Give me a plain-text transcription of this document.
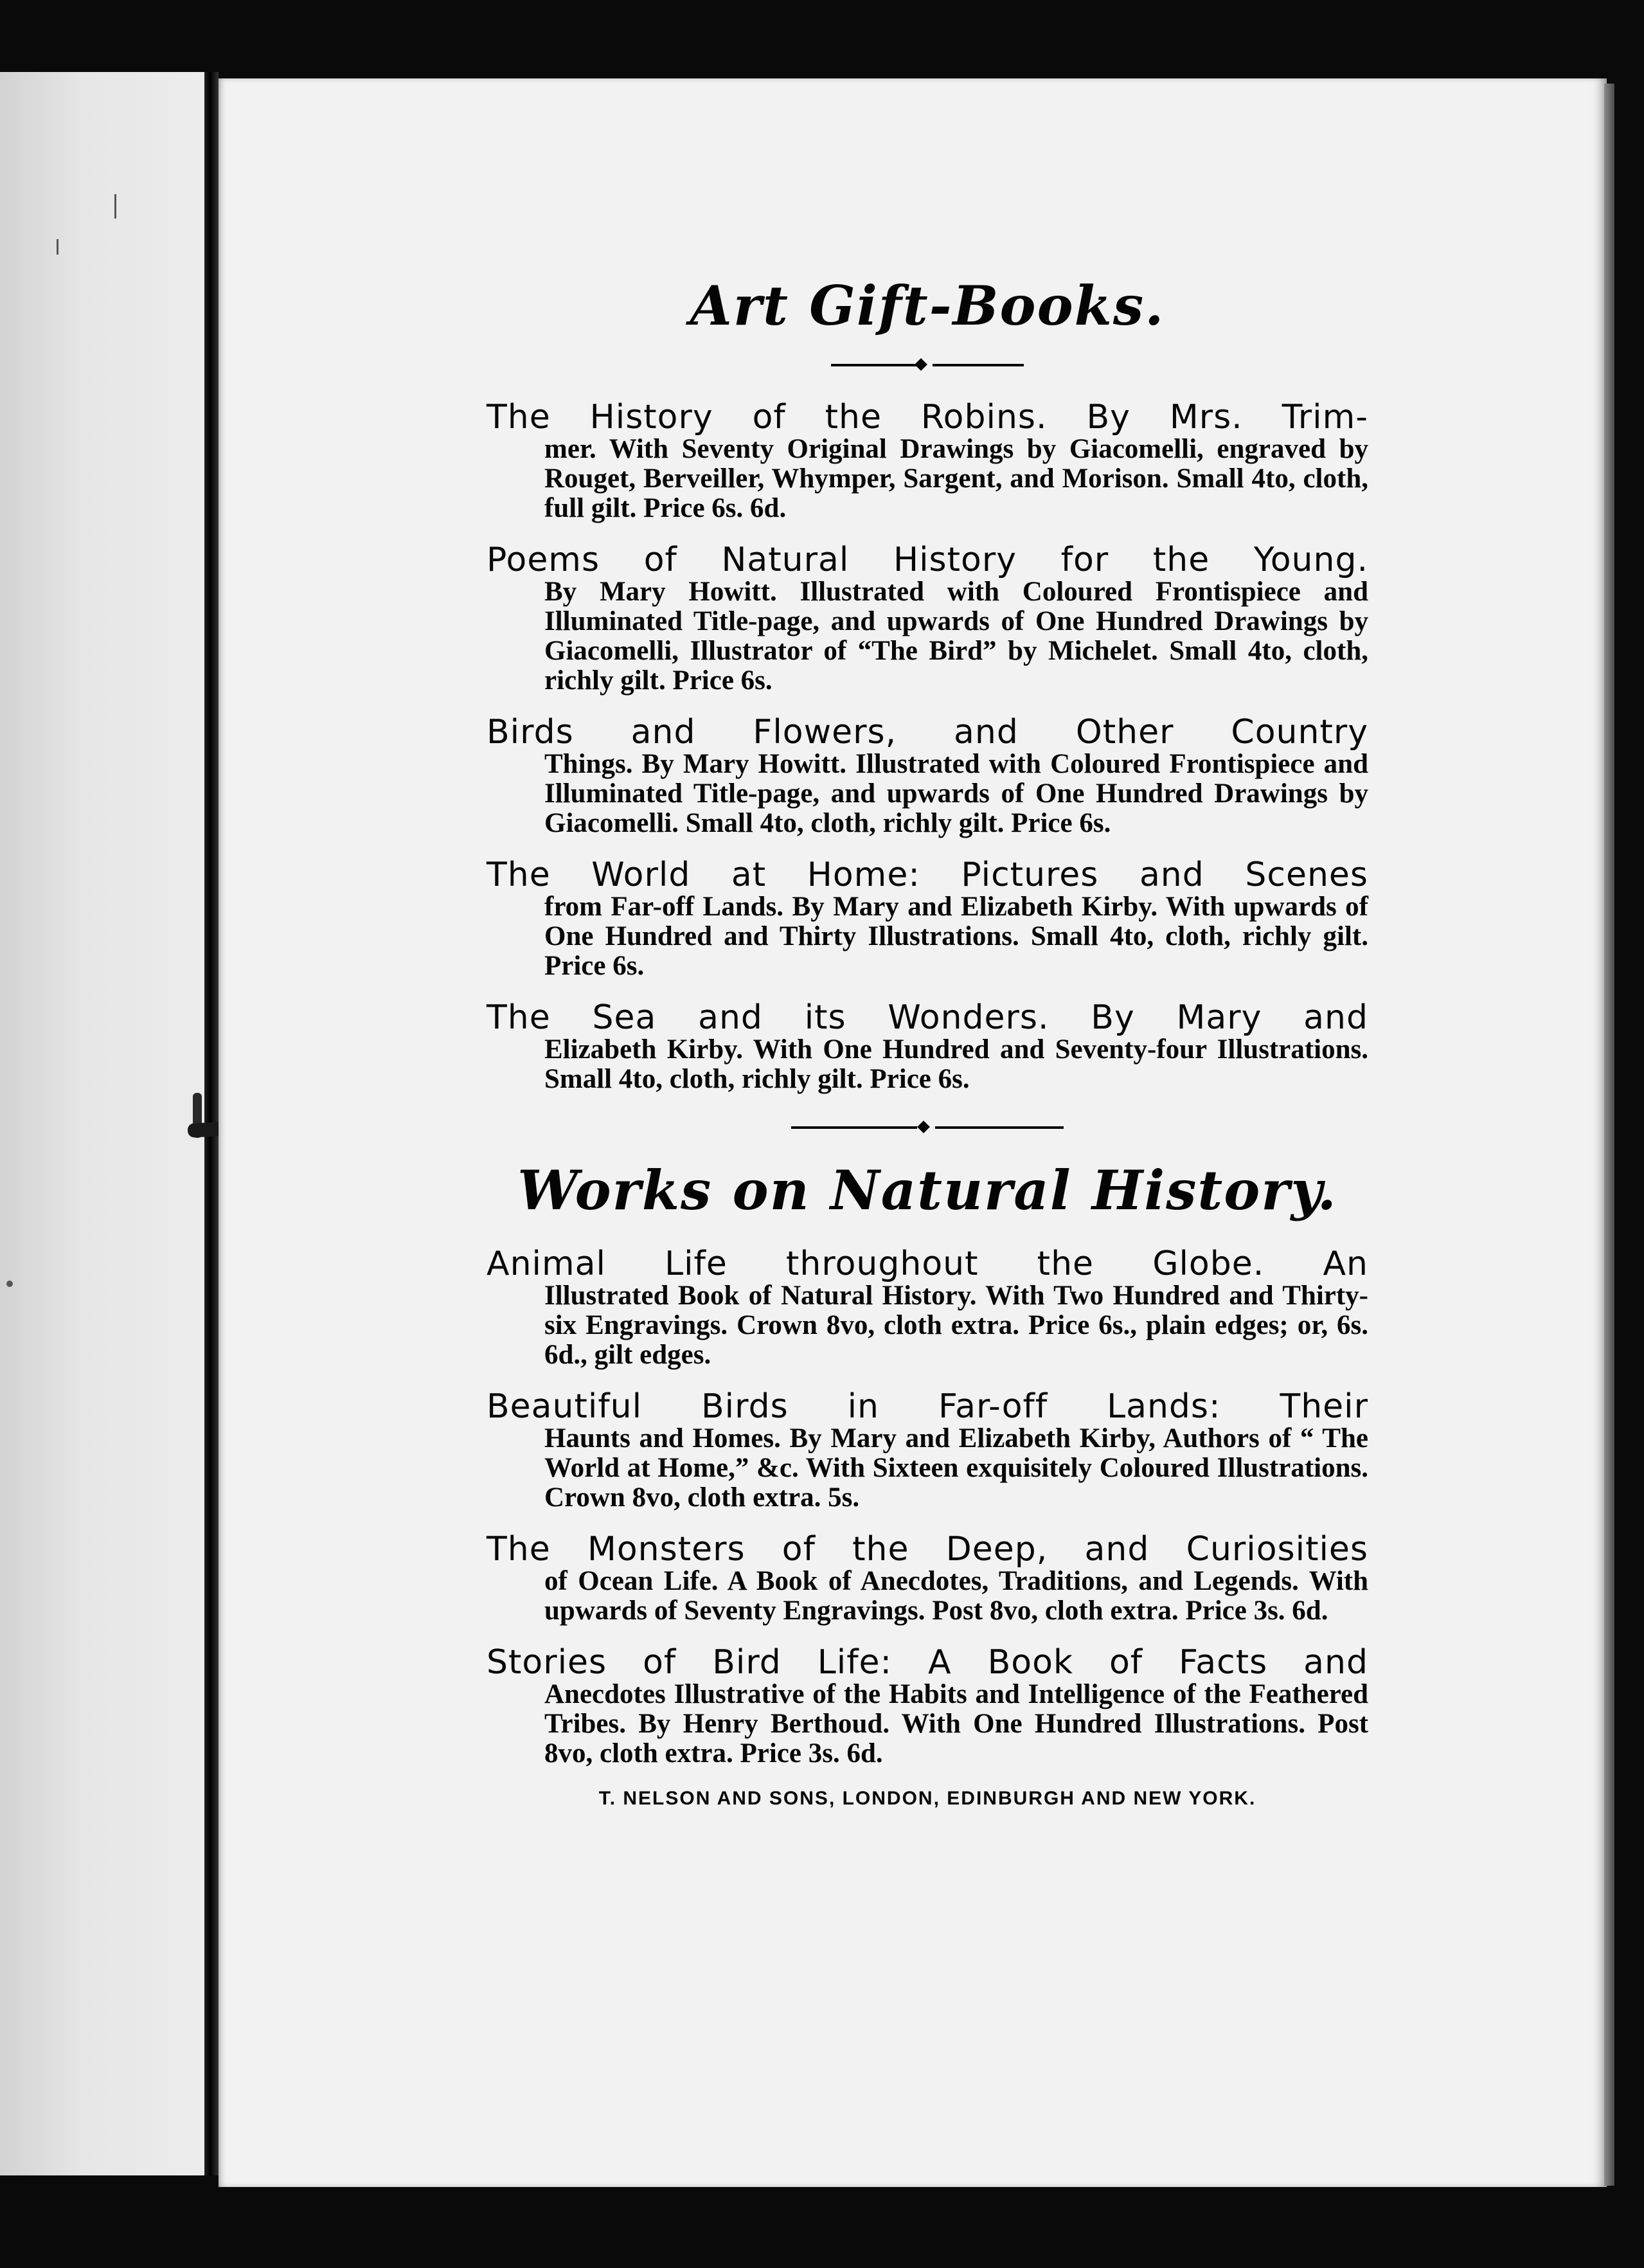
Art Gift-Books.
The History of the Robins. By Mrs. Trim-
mer. With Seventy Original Drawings by Giacomelli, engraved by Rouget, Berveiller, Whymper, Sargent, and Morison. Small 4to, cloth, full gilt. Price 6s. 6d.
Poems of Natural History for the Young.
By Mary Howitt. Illustrated with Coloured Frontispiece and Illuminated Title-page, and upwards of One Hundred Drawings by Giacomelli, Illustrator of “The Bird” by Michelet. Small 4to, cloth, richly gilt. Price 6s.
Birds and Flowers, and Other Country
Things. By Mary Howitt. Illustrated with Coloured Frontispiece and Illuminated Title-page, and upwards of One Hundred Drawings by Giacomelli. Small 4to, cloth, richly gilt. Price 6s.
The World at Home: Pictures and Scenes
from Far-off Lands. By Mary and Elizabeth Kirby. With upwards of One Hundred and Thirty Illustrations. Small 4to, cloth, richly gilt. Price 6s.
The Sea and its Wonders. By Mary and
Elizabeth Kirby. With One Hundred and Seventy-four Illustrations. Small 4to, cloth, richly gilt. Price 6s.
Works on Natural History.
Animal Life throughout the Globe. An
Illustrated Book of Natural History. With Two Hundred and Thirty-six Engravings. Crown 8vo, cloth extra. Price 6s., plain edges; or, 6s. 6d., gilt edges.
Beautiful Birds in Far-off Lands: Their
Haunts and Homes. By Mary and Elizabeth Kirby, Authors of “ The World at Home,” &c. With Sixteen exquisitely Coloured Illustrations. Crown 8vo, cloth extra. 5s.
The Monsters of the Deep, and Curiosities
of Ocean Life. A Book of Anecdotes, Traditions, and Legends. With upwards of Seventy Engravings. Post 8vo, cloth extra. Price 3s. 6d.
Stories of Bird Life: A Book of Facts and
Anecdotes Illustrative of the Habits and Intelligence of the Feathered Tribes. By Henry Berthoud. With One Hundred Illustrations. Post 8vo, cloth extra. Price 3s. 6d.
T. NELSON AND SONS, LONDON, EDINBURGH AND NEW YORK.
